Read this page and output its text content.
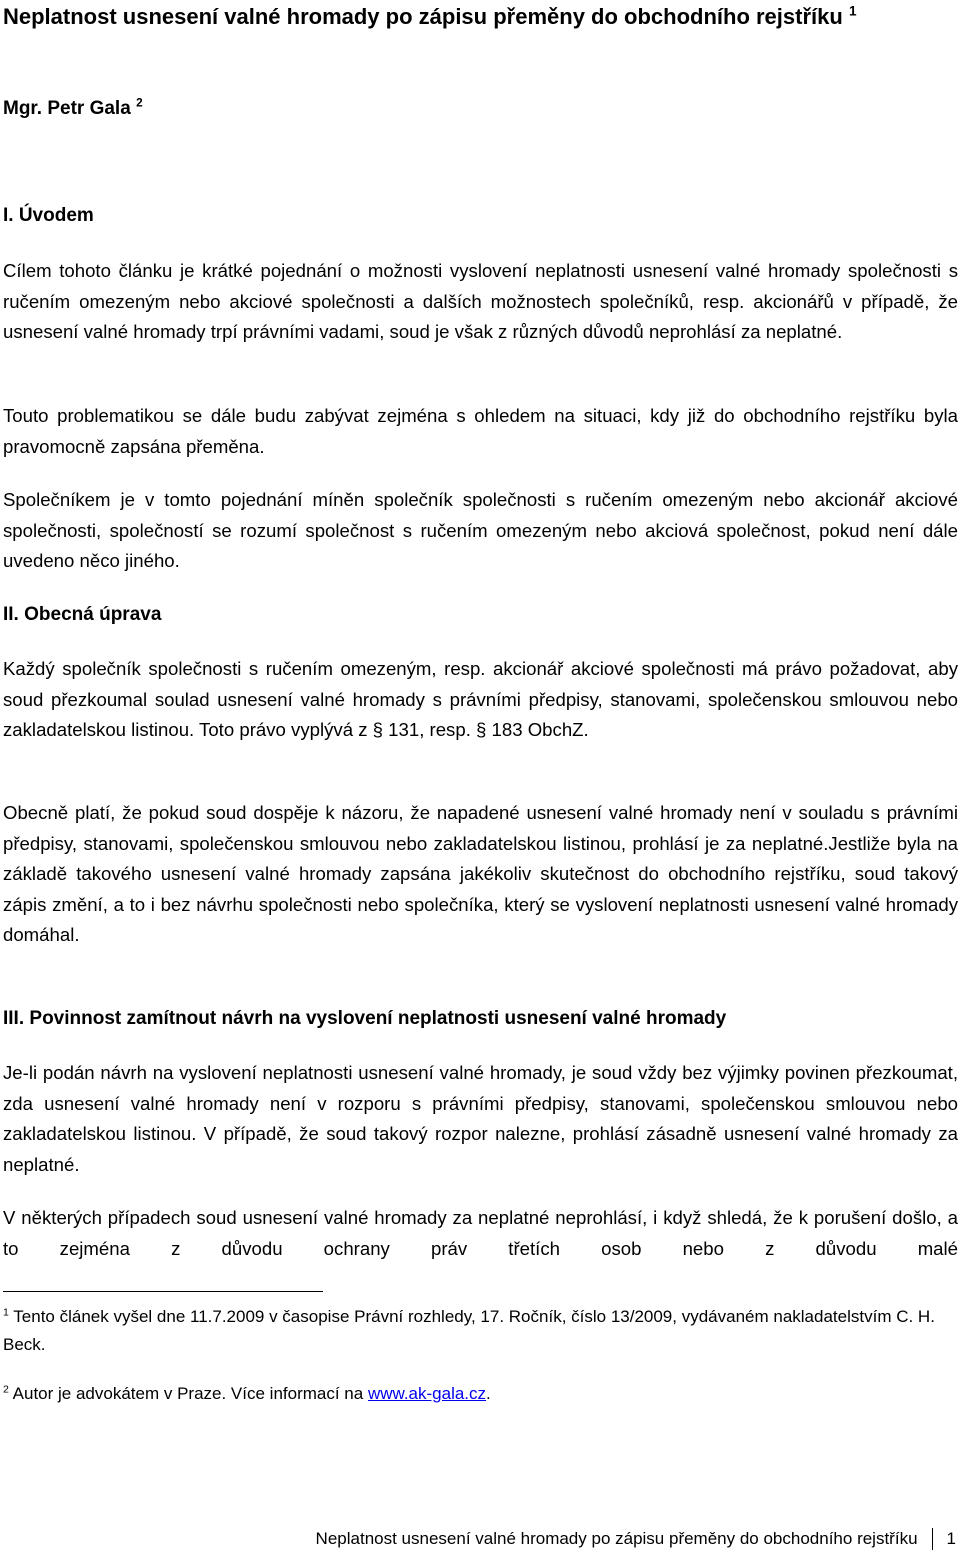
Neplatnost usnesení valné hromady po zápisu přeměny do obchodního rejstříku $^1$

Mgr. Petr Gala $^2$

I. Úvodem

Cílem tohoto článku je krátké pojednání o možnosti vyslovení neplatnosti usnesení valné hromady společnosti s ručením omezeným nebo akciové společnosti a dalších možnostech společníků, resp. akcionářů v případě, že usnesení valné hromady trpí právními vadami, soud je však z různých důvodů neprohlásí za neplatné.

Touto problematikou se dále budu zabývat zejména s ohledem na situaci, kdy již do obchodního rejstříku byla pravomocně zapsána přeměna.

Společníkem je v tomto pojednání míněn společník společnosti s ručením omezeným nebo akcionář akciové společnosti, společností se rozumí společnost s ručením omezeným nebo akciová společnost, pokud není dále uvedeno něco jiného.

II. Obecná úprava

Každý společník společnosti s ručením omezeným, resp. akcionář akciové společnosti má právo požadovat, aby soud přezkoumal soulad usnesení valné hromady s právními předpisy, stanovami, společenskou smlouvou nebo zakladatelskou listinou. Toto právo vyplývá z § 131, resp. § 183 ObchZ.

Obecně platí, že pokud soud dospěje k názoru, že napadené usnesení valné hromady není v souladu s právními předpisy, stanovami, společenskou smlouvou nebo zakladatelskou listinou, prohlásí je za neplatné.Jestliže byla na základě takového usnesení valné hromady zapsána jakékoliv skutečnost do obchodního rejstříku, soud takový zápis změní, a to i bez návrhu společnosti nebo společníka, který se vyslovení neplatnosti usnesení valné hromady domáhal.

III. Povinnost zamítnout návrh na vyslovení neplatnosti usnesení valné hromady

Je-li podán návrh na vyslovení neplatnosti usnesení valné hromady, je soud vždy bez výjimky povinen přezkoumat, zda usnesení valné hromady není v rozporu s právními předpisy, stanovami, společenskou smlouvou nebo zakladatelskou listinou. V případě, že soud takový rozpor nalezne, prohlásí zásadně usnesení valné hromady za neplatné.

V některých případech soud usnesení valné hromady za neplatné neprohlásí, i když shledá, že k porušení došlo, a to zejména z důvodu ochrany práv třetích osob nebo z důvodu malé

$^1$ Tento článek vyšel dne 11.7.2009 v časopise Právní rozhledy, 17. Ročník, číslo 13/2009, vydávaném nakladatelstvím C. H. Beck.

$^2$ Autor je advokátem v Praze. Více informací na www.ak-gala.cz.

Neplatnost usnesení valné hromady po zápisu přeměny do obchodního rejstříku 1
